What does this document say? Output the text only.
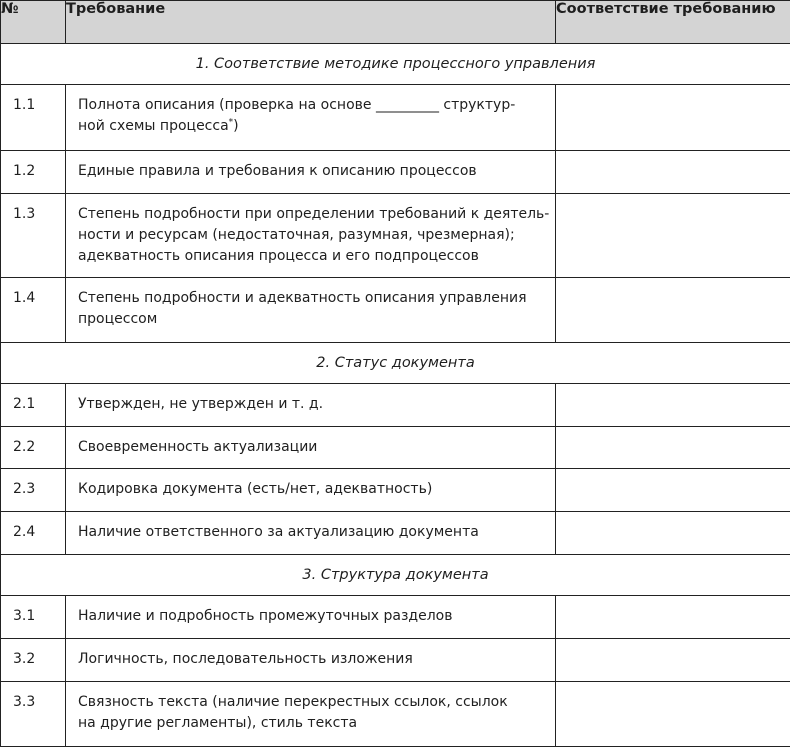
№	Требование	Соответствие требованию
1. Соответствие методике процессного управления		
1.1	Полнота описания (проверка на основе _________ структур-
ной схемы процесса*)	

1.2	Единые правила и требования к описанию процессов	

1.3	Степень подробности при определении требований к деятель-
ности и ресурсам (недостаточная, разумная, чрезмерная);
адекватность описания процесса и его подпроцессов	

1.4	Степень подробности и адекватность описания управления
процессом	

2. Статус документа		
2.1	Утвержден, не утвержден и т. д.	

2.2	Своевременность актуализации	

2.3	Кодировка документа (есть/нет, адекватность)	

2.4	Наличие ответственного за актуализацию документа	

3. Структура документа		
3.1	Наличие и подробность промежуточных разделов	

3.2	Логичность, последовательность изложения	

3.3	Связность текста (наличие перекрестных ссылок, ссылок
на другие регламенты), стиль текста	
